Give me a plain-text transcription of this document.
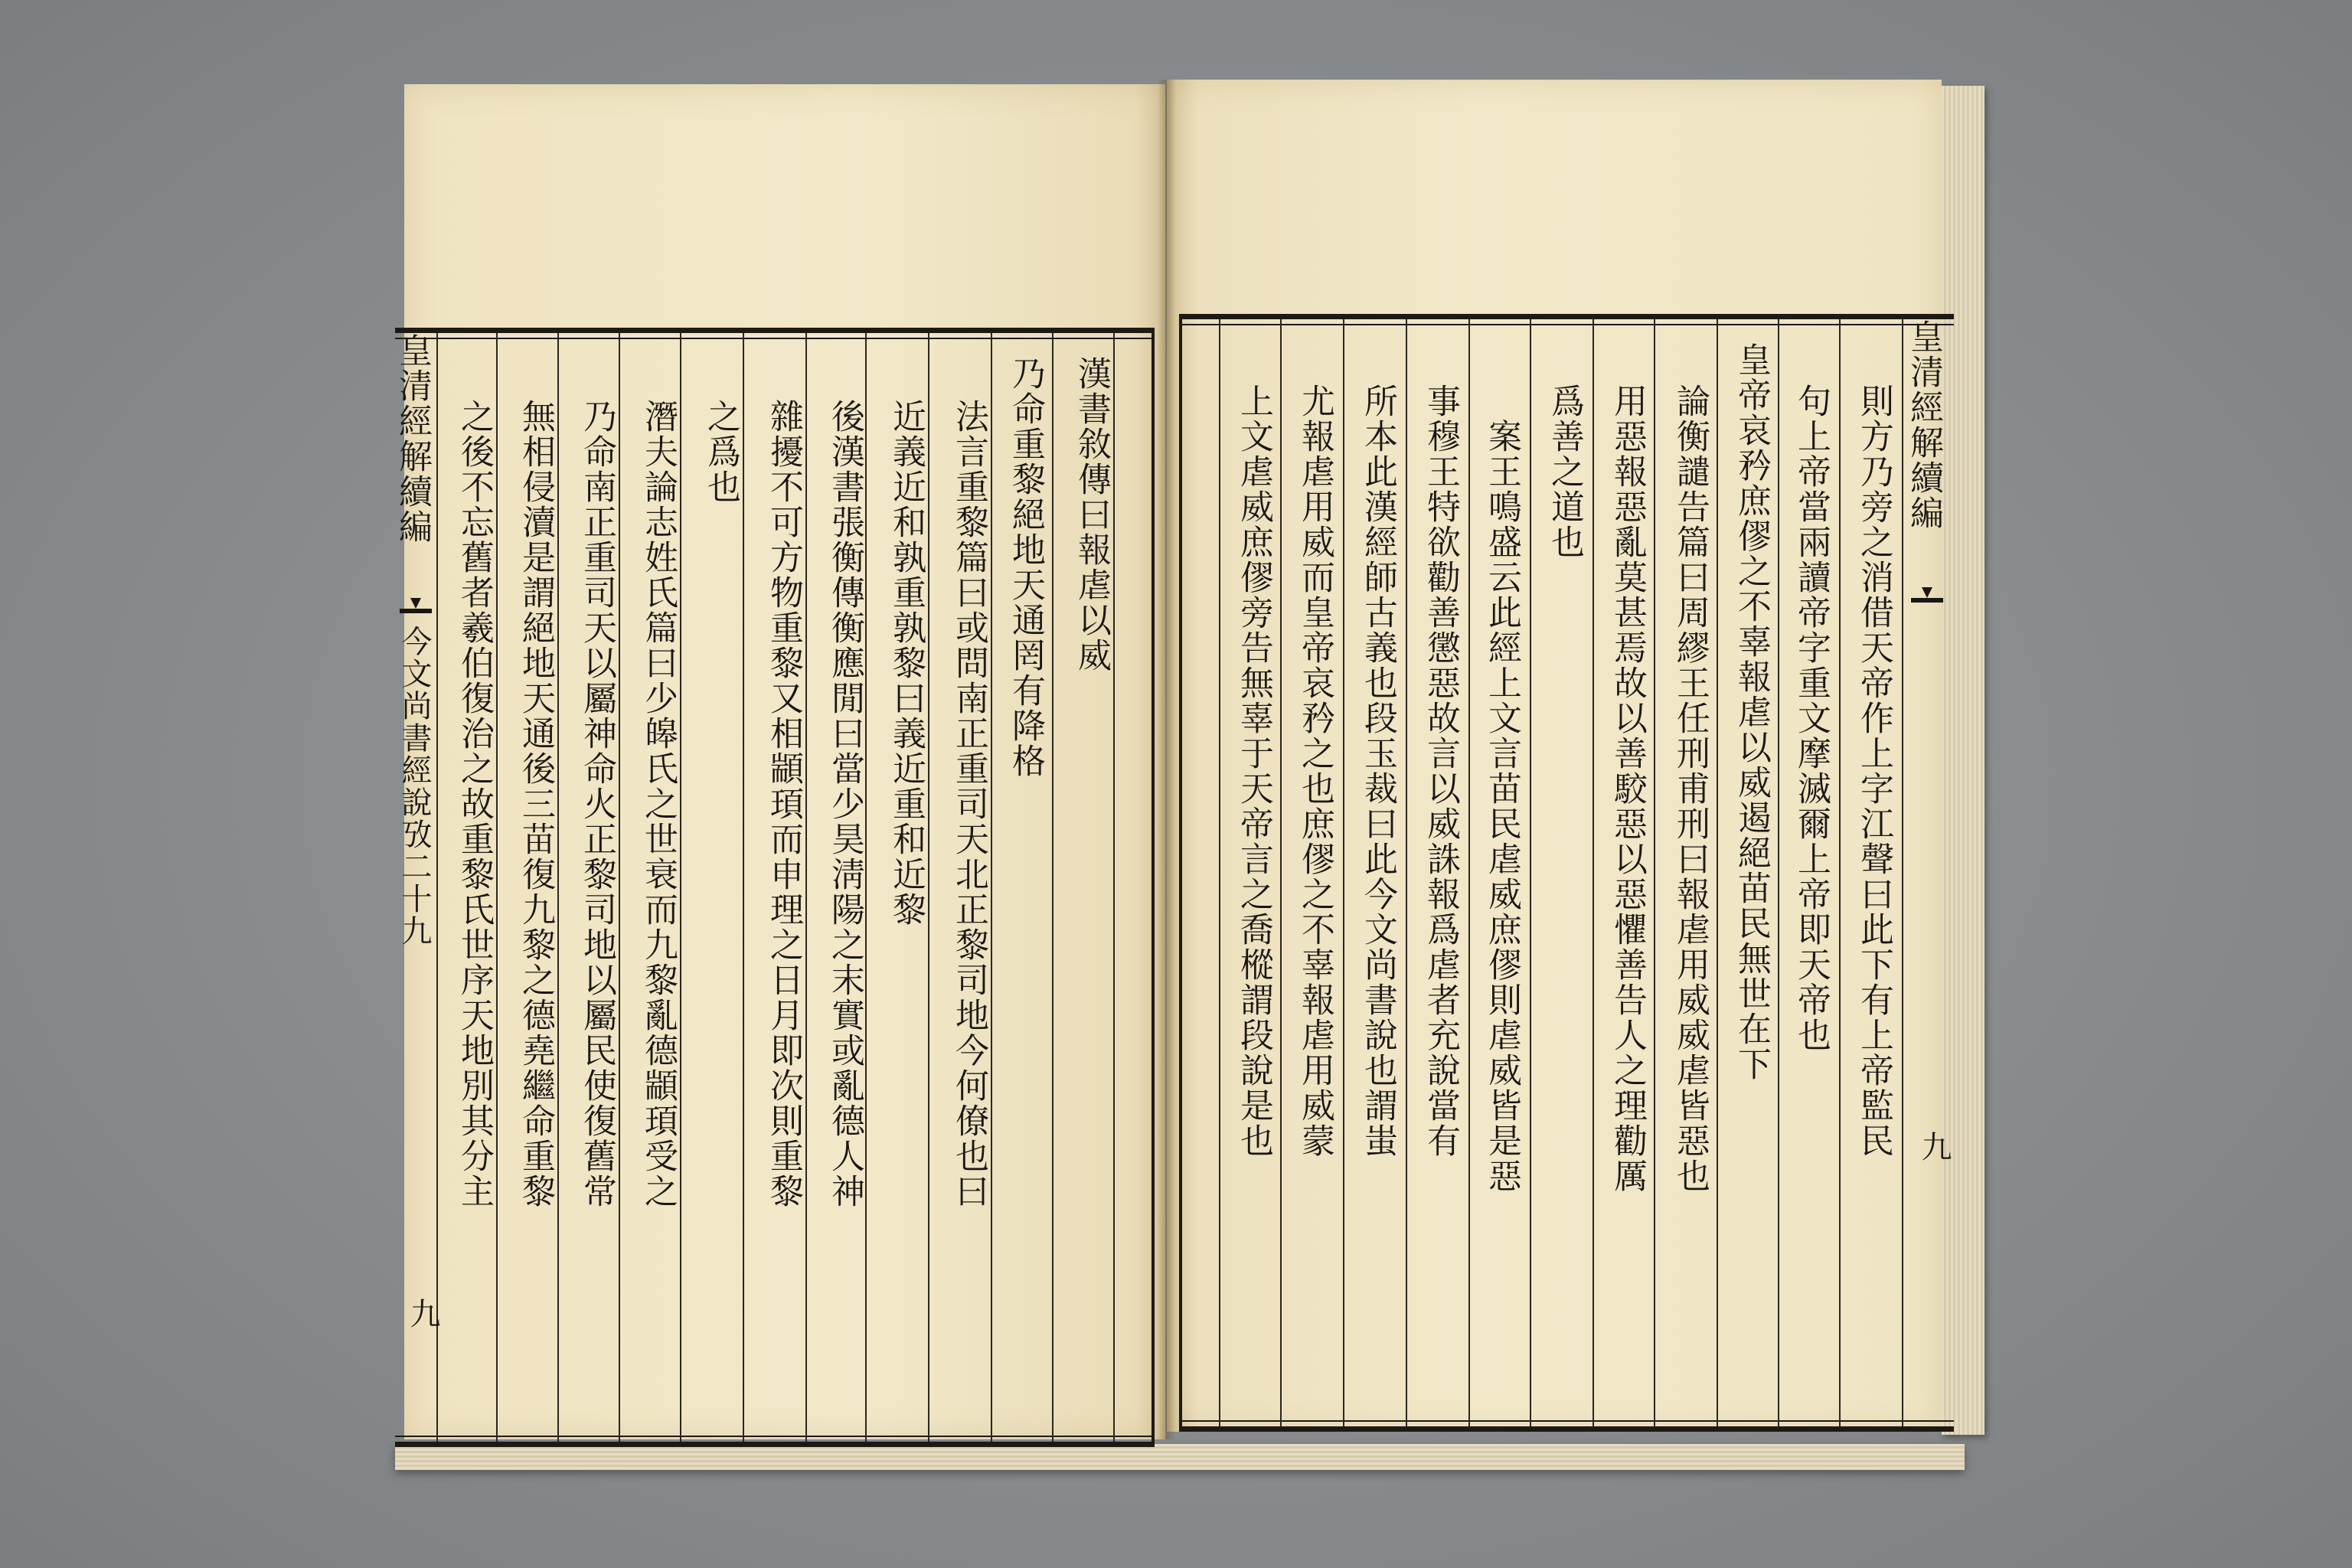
皇清經解續編
今文尚書經說攷二十九
九
漢書敘傳曰報虐以威
乃命重黎絕地天通罔有降格
法言重黎篇曰或問南正重司天北正黎司地今何僚也曰
近義近和孰重孰黎曰義近重和近黎
後漢書張衡傳衡應閒曰當少昊淸陽之末實或亂德人神
雜擾不可方物重黎又相顓頊而申理之日月即次則重黎
之爲也
潛夫論志姓氏篇曰少皞氏之世衰而九黎亂德顓頊受之
乃命南正重司天以屬神命火正黎司地以屬民使復舊常
無相侵瀆是謂絕地天通後三苗復九黎之德堯繼命重黎
之後不忘舊者羲伯復治之故重黎氏世序天地別其分主	皇清經解續編
九
則方乃旁之消借天帝作上字江聲曰此下有上帝監民
句上帝當兩讀帝字重文摩滅爾上帝即天帝也
皇帝哀矜庶僇之不辜報虐以威遏絕苗民無世在下
論衡譴告篇曰周繆王任刑甫刑曰報虐用威威虐皆惡也
用惡報惡亂莫甚焉故以善駮惡以惡懼善告人之理勸厲
爲善之道也
案王鳴盛云此經上文言苗民虐威庶僇則虐威皆是惡
事穆王特欲勸善懲惡故言以威誅報爲虐者充說當有
所本此漢經師古義也段玉裁曰此今文尚書說也謂蚩
尤報虐用威而皇帝哀矜之也庶僇之不辜報虐用威蒙
上文虐威庶僇旁告無辜于天帝言之喬樅謂段說是也
